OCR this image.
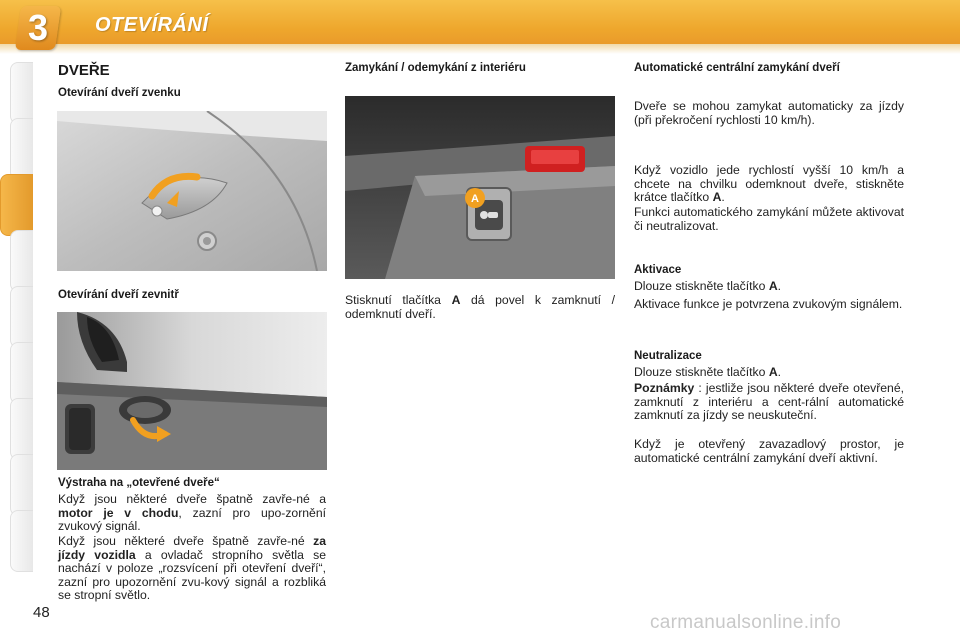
3	OTEVÍRÁNÍ
DVEŘE
Otevírání dveří zvenku
Otevírání dveří zevnitř
Výstraha na „otevřené dveře“
Když jsou některé dveře špatně zavře-né a motor je v chodu, zazní pro upo-zornění zvukový signál.
Když jsou některé dveře špatně zavře-né za jízdy vozidla a ovladač stropního světla se nachází v poloze „rozsvícení při otevření dveří“, zazní pro upozornění zvu-kový signál a rozbliká se stropní světlo.
Zamykání / odemykání z interiéru
A
Stisknutí tlačítka A dá povel k zamknutí / odemknutí dveří.
Automatické centrální zamykání dveří
Dveře se mohou zamykat automaticky za jízdy (při překročení rychlosti 10 km/h).
Když vozidlo jede rychlostí vyšší 10 km/h a chcete na chvilku odemknout dveře, stiskněte krátce tlačítko A.
Funkci automatického zamykání můžete aktivovat či neutralizovat.
Aktivace
Dlouze stiskněte tlačítko A.
Aktivace funkce je potvrzena zvukovým signálem.
Neutralizace
Dlouze stiskněte tlačítko A.
Poznámky : jestliže jsou některé dveře otevřené, zamknutí z interiéru a cent-rální automatické zamknutí za jízdy se neuskuteční.
Když je otevřený zavazadlový prostor, je automatické centrální zamykání dveří aktivní.
48	carmanualsonline.info
